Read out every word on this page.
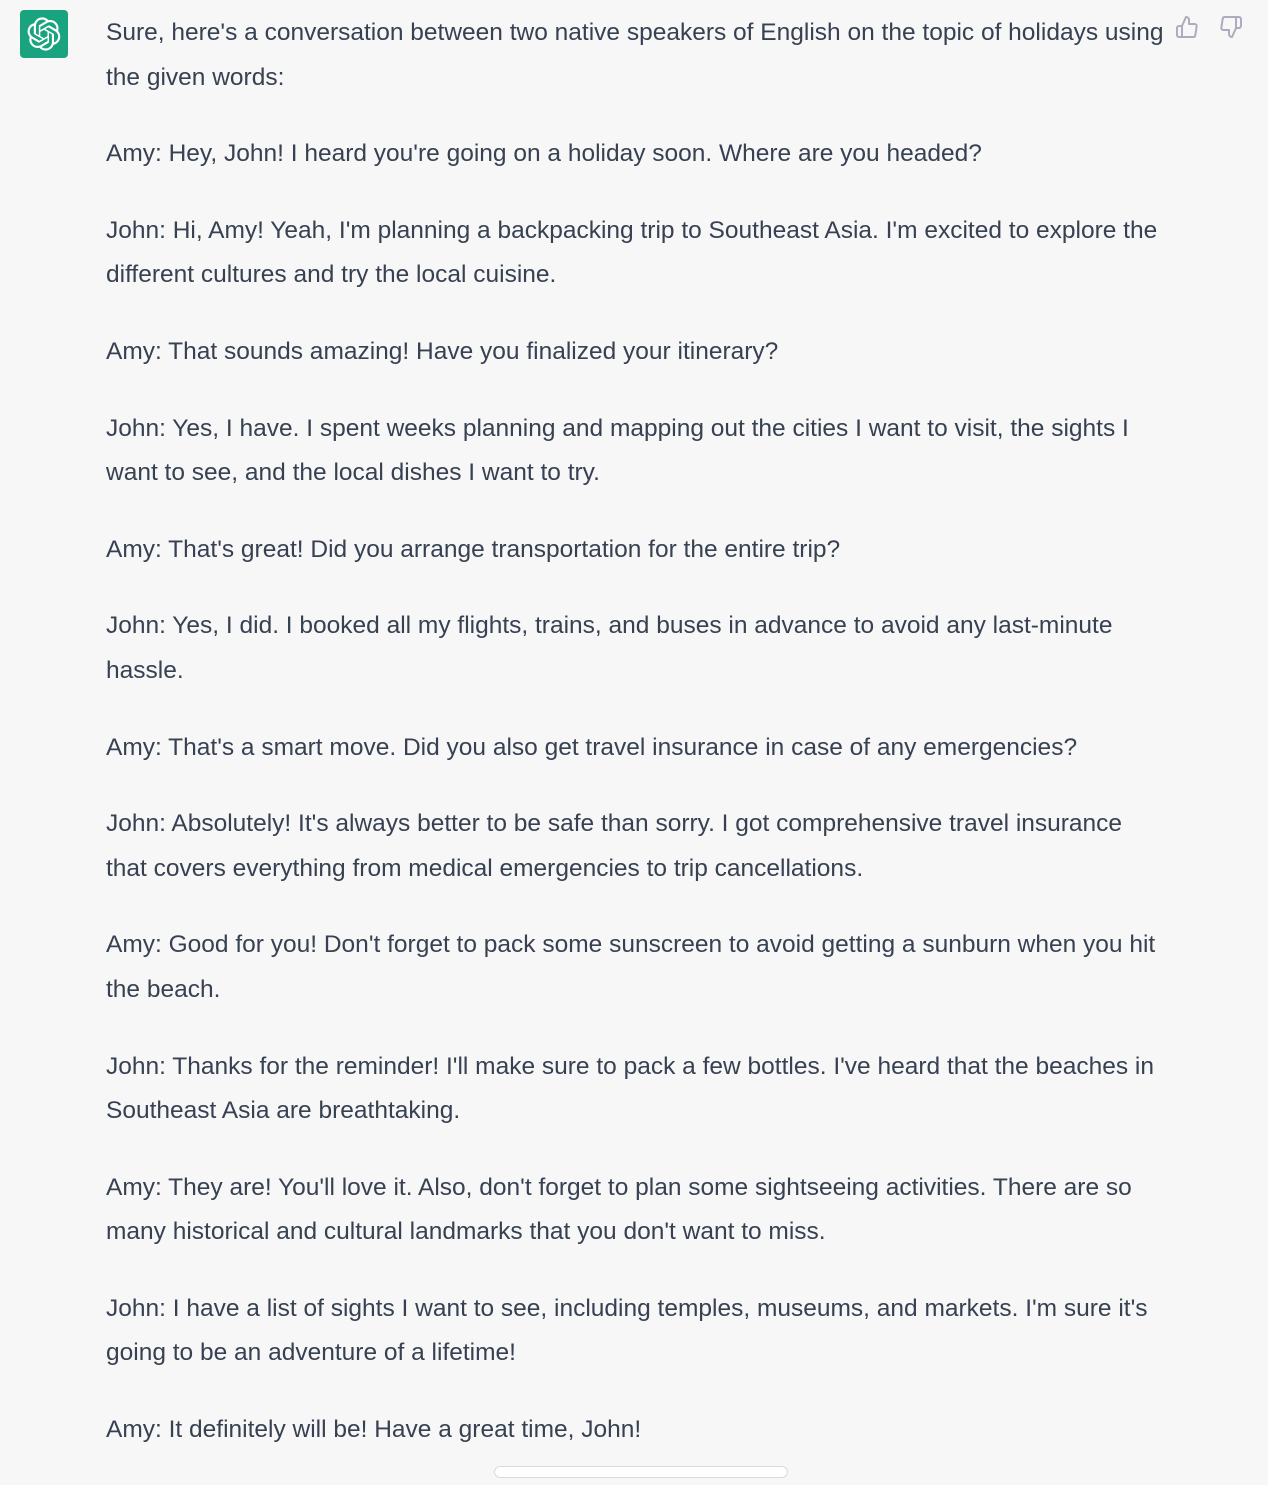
Sure, here's a conversation between two native speakers of English on the topic of holidays using the given words:

Amy: Hey, John! I heard you're going on a holiday soon. Where are you headed?

John: Hi, Amy! Yeah, I'm planning a backpacking trip to Southeast Asia. I'm excited to explore the different cultures and try the local cuisine.

Amy: That sounds amazing! Have you finalized your itinerary?

John: Yes, I have. I spent weeks planning and mapping out the cities I want to visit, the sights I want to see, and the local dishes I want to try.

Amy: That's great! Did you arrange transportation for the entire trip?

John: Yes, I did. I booked all my flights, trains, and buses in advance to avoid any last-minute hassle.

Amy: That's a smart move. Did you also get travel insurance in case of any emergencies?

John: Absolutely! It's always better to be safe than sorry. I got comprehensive travel insurance that covers everything from medical emergencies to trip cancellations.

Amy: Good for you! Don't forget to pack some sunscreen to avoid getting a sunburn when you hit the beach.

John: Thanks for the reminder! I'll make sure to pack a few bottles. I've heard that the beaches in Southeast Asia are breathtaking.

Amy: They are! You'll love it. Also, don't forget to plan some sightseeing activities. There are so many historical and cultural landmarks that you don't want to miss.

John: I have a list of sights I want to see, including temples, museums, and markets. I'm sure it's going to be an adventure of a lifetime!

Amy: It definitely will be! Have a great time, John!
